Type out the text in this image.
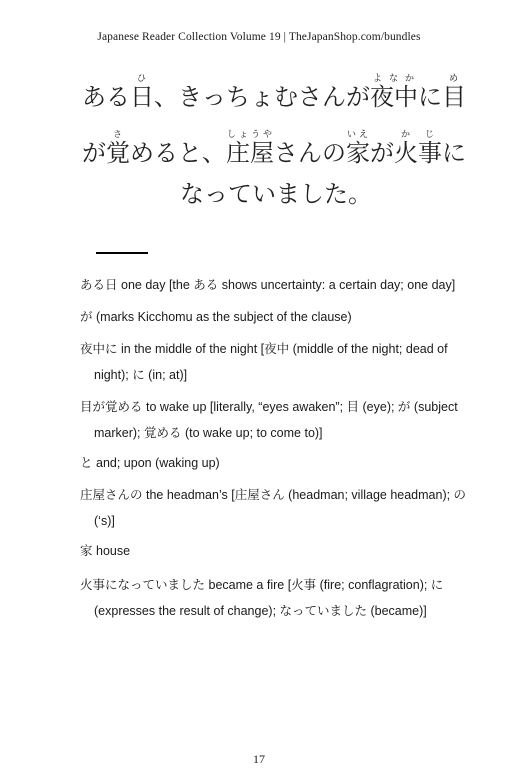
Japanese Reader Collection Volume 19 | TheJapanShop.com/bundles
ある日ひ、きっちょむさんが夜中よなかに目め
が覚さめると、庄屋しょうやさんの家いえが火事かじに
なっていました。

ある日 one day [the ある shows uncertainty: a certain day; one day]

が (marks Kicchomu as the subject of the clause)

夜中に in the middle of the night [夜中 (middle of the night; dead of night); に (in; at)]

目が覚める to wake up [literally, “eyes awaken”; 目 (eye); が (subject marker); 覚める (to wake up; to come to)]

と and; upon (waking up)

庄屋さんの the headman’s [庄屋さん (headman; village headman); の (‘s)]

家 house

火事になっていました became a fire [火事 (fire; conflagration); に (expresses the result of change); なっていました (became)]

17
